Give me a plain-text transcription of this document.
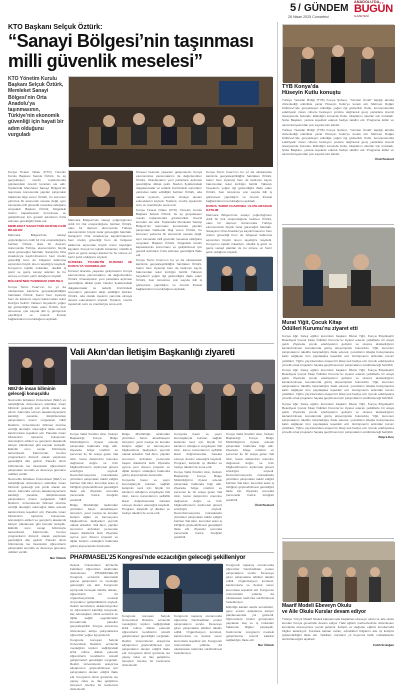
5 / GÜNDEM
26 Nisan 2025 Cumartesi
ANADOLU'DA
BUGÜN
GAZETESİ
KTO Başkanı Selçuk Öztürk:
“Sanayi Bölgesi’nin taşınması
milli güvenlik meselesi”
KTO Yönetim Kurulu Başkanı Selçuk Öztürk, Memleket Sanayi Bölgesi’nin Orta Anadolu’ya taşınmasının, Türkiye’nin ekonomik güvenliği için hayati bir adım olduğunu vurguladı

Konya Ticaret Odası (KTO) Yönetim Kurulu Başkanı Selçuk Öztürk, bu ay gerçekleşen meclis toplantısında gündemdeki önemli konuları ele aldı. Toplantıda Memleket Sanayi Bölgesi’nin taşınması konusunda yapılan çalışmalar hakkında bilgi veren Öztürk, bu konunun yalnızca bir ekonomik mesele değil, aynı zamanda milli güvenlik meselesi olduğunu vurguladı. Başkan Öztürk, bölgedeki üretim kapasitesinin korunması ve geliştirilmesi için gerekli adımların hızla atılması gerektiğini ifade etti.

MEMLEKET SANAYİ BÖLGESİ’NE DAİR BİLGİLER

Marmara Bölgesi’nde sanayi yoğunluğunun ciddi bir risk oluşturduğunu belirten Öztürk, olası bir deprem durumunda Türkiye ekonomisinin büyük zarar göreceğini hatırlattı. Sanayinin Orta Anadolu’ya kaydırılmasının hem üretim güvenliği hem de bölgesel kalkınma açısından büyük önem taşıdığını kaydetti. Konya’nın lojistik imkanları, nitelikli iş gücü ve geniş sanayi alanları ile bu sürece en hazır şehir olduğunu söyledi.

BÖLGESİ’NEN TAŞINMASI ZORUNLU

Konya Tarım Fuarı’nın bu yıl da uluslararası katılımla gerçekleştirildiğini hatırlatan Öztürk, fuarın hem ziyaretçi hem de katılımcı sayısı bakımından rekor kırdığını belirtti. Yabancı heyetlerin yoğun ilgi gösterdiğini ifade eden Öztürk, fuar süresince çok sayıda ikili iş görüşmesi yapıldığını ve önemli ihracat bağlantılarının kurulduğunu açıkladı.

Marmara Bölgesi’nde sanayi yoğunluğunun ciddi bir risk oluşturduğunu belirten Öztürk, olası bir deprem durumunda Türkiye ekonomisinin büyük zarar göreceğini hatırlattı. Sanayinin Orta Anadolu’ya kaydırılmasının hem üretim güvenliği hem de bölgesel kalkınma açısından büyük önem taşıdığını kaydetti. Konya’nın lojistik imkanları, nitelikli iş gücü ve geniş sanayi alanları ile bu sürece en hazır şehir olduğunu söyledi.

KÜRESEL TİCARETİN DURUMU VE KONYA’YA YANSIMALARI

Küresel ticarette yaşanan gelişmelerin Konya ekonomisine yansımalarını da değerlendiren Öztürk, ihracatçıların yeni pazarlara açılması gerektiğine dikkat çekti. Navlun fiyatlarındaki dalgalanmalar ve tedarik zincirindeki sorunların yakından takip edildiğini belirten Öztürk, oda olarak üyelerin yanında olmaya devam edeceklerini söyledi. Toplantı, meclis üyelerinin soru ve önerileriyle sona erdi.

Küresel ticarette yaşanan gelişmelerin Konya ekonomisine yansımalarını da değerlendiren Öztürk, ihracatçıların yeni pazarlara açılması gerektiğine dikkat çekti. Navlun fiyatlarındaki dalgalanmalar ve tedarik zincirindeki sorunların yakından takip edildiğini belirten Öztürk, oda olarak üyelerin yanında olmaya devam edeceklerini söyledi. Toplantı, meclis üyelerinin soru ve önerileriyle sona erdi.

Konya Ticaret Odası (KTO) Yönetim Kurulu Başkanı Selçuk Öztürk, bu ay gerçekleşen meclis toplantısında gündemdeki önemli konuları ele aldı. Toplantıda Memleket Sanayi Bölgesi’nin taşınması konusunda yapılan çalışmalar hakkında bilgi veren Öztürk, bu konunun yalnızca bir ekonomik mesele değil, aynı zamanda milli güvenlik meselesi olduğunu vurguladı. Başkan Öztürk, bölgedeki üretim kapasitesinin korunması ve geliştirilmesi için gerekli adımların hızla atılması gerektiğini ifade etti.

Konya Tarım Fuarı’nın bu yıl da uluslararası katılımla gerçekleştirildiğini hatırlatan Öztürk, fuarın hem ziyaretçi hem de katılımcı sayısı bakımından rekor kırdığını belirtti. Yabancı heyetlerin yoğun ilgi gösterdiğini ifade eden Öztürk, fuar süresince çok sayıda ikili iş görüşmesi yapıldığını ve önemli ihracat bağlantılarının kurulduğunu açıkladı.

Konya Tarım Fuarı’nın bu yıl da uluslararası katılımla gerçekleştirildiğini hatırlatan Öztürk, fuarın hem ziyaretçi hem de katılımcı sayısı bakımından rekor kırdığını belirtti. Yabancı heyetlerin yoğun ilgi gösterdiğini ifade eden Öztürk, fuar süresince çok sayıda ikili iş görüşmesi yapıldığını ve önemli ihracat bağlantılarının kurulduğunu açıkladı.

KONYA TARIM FUARI’NDA ULUSLARARASI KATILIM

Marmara Bölgesi’nde sanayi yoğunluğunun ciddi bir risk oluşturduğunu belirten Öztürk, olası bir deprem durumunda Türkiye ekonomisinin büyük zarar göreceğini hatırlattı. Sanayinin Orta Anadolu’ya kaydırılmasının hem üretim güvenliği hem de bölgesel kalkınma açısından büyük önem taşıdığını kaydetti. Konya’nın lojistik imkanları, nitelikli iş gücü ve geniş sanayi alanları ile bu sürece en hazır şehir olduğunu söyledi.

TYB Konya’da
Hüseyin Kutlu konuştu

Türkiye Yazarlar Birliği (TYB) Konya Şubesi, “Yarınlar Ümidi” başlığı altında düzenlediği etkinlikte yazar Hüseyin Kutlu’yu konuk etti. Mehmet Doğan Kültürevi’nde gerçekleşen etkinliğe yoğun ilgi gösterildi. Kutlu, konuşmasında edebiyatın insan ruhunu besleyen yönüne değinerek genç yazarlara önemli tavsiyelerde bulundu. Etkinliğin sonunda Kutlu, kitaplarını okurları için imzaladı. Şube Başkanı, yazara teşekkür ederek hediye takdim etti. Programa kültür ve sanat dünyasından çok sayıda isim katıldı.

Türkiye Yazarlar Birliği (TYB) Konya Şubesi, “Yarınlar Ümidi” başlığı altında düzenlediği etkinlikte yazar Hüseyin Kutlu’yu konuk etti. Mehmet Doğan Kültürevi’nde gerçekleşen etkinliğe yoğun ilgi gösterildi. Kutlu, konuşmasında edebiyatın insan ruhunu besleyen yönüne değinerek genç yazarlara önemli tavsiyelerde bulundu. Etkinliğin sonunda Kutlu, kitaplarını okurları için imzaladı. Şube Başkanı, yazara teşekkür ederek hediye takdim etti. Programa kültür ve sanat dünyasından çok sayıda isim katıldı.

Ümit Bozkurt

Murat Yiğit, Çocuk Kitap
Ödülleri Kurumu’nu ziyaret etti

Konya Ağrı Keleş eğitim kurumları başkanı Murat Yiğit, Konya Büyükşehir Belediyesi Çocuk Kitap Ödülleri Kurumu’nu ziyaret ederek yetkililerle bir araya geldi. Ziyarette çocuk edebiyatının gelişimi ve okuma alışkanlığının kazandırılması konularında görüş alışverişinde bulunuldu. Yiğit, kurumun çalışmalarını takdirle karşıladığını ifade ederek, çocukların kitapla buluşmasına katkı sağlayan tüm paydaşlara teşekkür etti. Görüşmenin ardından kurum yetkilileri, Yiğit’e yayınlarından oluşan bir kitap seti hediye etti. Çocuk edebiyatına yönelik ortak projelerin hayata geçirilmesi için çalışmaların sürdürüleceği belirtildi.

Konya Ağrı Keleş eğitim kurumları başkanı Murat Yiğit, Konya Büyükşehir Belediyesi Çocuk Kitap Ödülleri Kurumu’nu ziyaret ederek yetkililerle bir araya geldi. Ziyarette çocuk edebiyatının gelişimi ve okuma alışkanlığının kazandırılması konularında görüş alışverişinde bulunuldu. Yiğit, kurumun çalışmalarını takdirle karşıladığını ifade ederek, çocukların kitapla buluşmasına katkı sağlayan tüm paydaşlara teşekkür etti. Görüşmenin ardından kurum yetkilileri, Yiğit’e yayınlarından oluşan bir kitap seti hediye etti. Çocuk edebiyatına yönelik ortak projelerin hayata geçirilmesi için çalışmaların sürdürüleceği belirtildi.

Konya Ağrı Keleş eğitim kurumları başkanı Murat Yiğit, Konya Büyükşehir Belediyesi Çocuk Kitap Ödülleri Kurumu’nu ziyaret ederek yetkililerle bir araya geldi. Ziyarette çocuk edebiyatının gelişimi ve okuma alışkanlığının kazandırılması konularında görüş alışverişinde bulunuldu. Yiğit, kurumun çalışmalarını takdirle karşıladığını ifade ederek, çocukların kitapla buluşmasına katkı sağlayan tüm paydaşlara teşekkür etti. Görüşmenin ardından kurum yetkilileri, Yiğit’e yayınlarından oluşan bir kitap seti hediye etti. Çocuk edebiyatına yönelik ortak projelerin hayata geçirilmesi için çalışmaların sürdürüleceği belirtildi.

Büşra Koç

Maarif Modeli Ebeveyn Okulu
ve Aile Okulu Kurslar devam ediyor

Türkiye Yüzyılı Maarif Modeli kapsamında başlatılan ebeveyn okulu ve aile okulu kursları Konya genelinde devam ediyor. Halk eğitimi merkezlerinde düzenlenen kurslarda ebeveynlere çocuk gelişimi, iletişim ve değerler eğitimi konularında bilgiler aktarılıyor. Kurslara katılan veliler, edindikleri bilgilerin aile içi iletişimi güçlendirdiğini ifade etti. Yetkililer, kursların yıl boyunca farklı mahallelerde sürdürüleceğini açıkladı.

Fatih Erdoğan

Vali Akın’dan İletişim Başkanlığı ziyareti
NEÜ’de insan biliminin geleceği konuşuldu

Necmettin Erbakan Üniversitesi (NEÜ) ev sahipliğinde düzenlenen etkinlikte insan biliminin geleceği çok yönlü olarak ele alındı. Alanında uzman akademisyenlerin katıldığı panelde, disiplinlerarası çalışmaların önemi vurgulandı. NEÜ Rektörü, üniversitenin bilimsel üretime verdiği desteğin süreceğini ifade ederek katılımcılara teşekkür etti. Panelde insan bilimlerinin toplumla buluşması, teknolojinin etkileri ve gençlerin akademik kariyer planlaması gibi konular tartışıldı. Etkinlik soru cevap bölümüyle tamamlandı. Katılımcılar, benzer programların düzenli olarak yapılması gerektiğini dile getirdi. Panelin ikinci bölümünde ise lisansüstü öğrencilerin çalışmaları sunuldu ve dereceye girenlere ödülleri verildi.

Necmettin Erbakan Üniversitesi (NEÜ) ev sahipliğinde düzenlenen etkinlikte insan biliminin geleceği çok yönlü olarak ele alındı. Alanında uzman akademisyenlerin katıldığı panelde, disiplinlerarası çalışmaların önemi vurgulandı. NEÜ Rektörü, üniversitenin bilimsel üretime verdiği desteğin süreceğini ifade ederek katılımcılara teşekkür etti. Panelde insan bilimlerinin toplumla buluşması, teknolojinin etkileri ve gençlerin akademik kariyer planlaması gibi konular tartışıldı. Etkinlik soru cevap bölümüyle tamamlandı. Katılımcılar, benzer programların düzenli olarak yapılması gerektiğini dile getirdi. Panelin ikinci bölümünde ise lisansüstü öğrencilerin çalışmaları sunuldu ve dereceye girenlere ödülleri verildi.

Nur Öztürk

Konya Valisi İbrahim Akın, İletişim Başkanlığı Konya Bölge Müdürlüğü’nü ziyaret ederek çalışmalar hakkında bilgi aldı. Ziyarette bölge müdürü ve personel ile bir araya gelen Vali Akın, kamu iletişiminin önemine değinerek doğru ve hızlı bilgilendirmenin toplumsal güveni artırdığını söyledi. Dezenformasyonla mücadelede yürütülen çalışmaları takdir ettiğini belirten Vali Akın, kurumlar arası iş birliğinin güçlendirilmesi gerektiğini ifade etti. Ziyaretin sonunda personelle hatıra fotoğrafı çektirildi.

Bölge Müdürlüğü tarafından yürütülen basın akreditasyon süreçleri, yerel medya ile kurulan iletişim ağları ve kamuoyunu bilgilendirme faaliyetleri ayrıntılı olarak anlatıldı. Vali Akın, yapılan sunumun ardından personele başarı dileklerini iletti. Ziyarette ayrıca yeni dönem projeleri ve dijital iletişim stratejileri hakkında görüş alışverişinde bulunuldu.

Bölge Müdürlüğü tarafından yürütülen basın akreditasyon süreçleri, yerel medya ile kurulan iletişim ağları ve kamuoyunu bilgilendirme faaliyetleri ayrıntılı olarak anlatıldı. Vali Akın, yapılan sunumun ardından personele başarı dileklerini iletti. Ziyarette ayrıca yeni dönem projeleri ve dijital iletişim stratejileri hakkında görüş alışverişinde bulunuldu.

Konya’da basın ve yayın kuruluşlarıyla kurulan sağlıklı iletişimin kent için büyük bir kazanım olduğunu vurgulayan Vali Akın, kamu kurumlarının şeffaflık ilkesi doğrultusunda hareket etmeye devam edeceğini kaydetti. Program, karşılıklı iyi dilekler ve hediye takdimi ile sona erdi.

Konya’da basın ve yayın kuruluşlarıyla kurulan sağlıklı iletişimin kent için büyük bir kazanım olduğunu vurgulayan Vali Akın, kamu kurumlarının şeffaflık ilkesi doğrultusunda hareket etmeye devam edeceğini kaydetti. Program, karşılıklı iyi dilekler ve hediye takdimi ile sona erdi.

Konya Valisi İbrahim Akın, İletişim Başkanlığı Konya Bölge Müdürlüğü’nü ziyaret ederek çalışmalar hakkında bilgi aldı. Ziyarette bölge müdürü ve personel ile bir araya gelen Vali Akın, kamu iletişiminin önemine değinerek doğru ve hızlı bilgilendirmenin toplumsal güveni artırdığını söyledi. Dezenformasyonla mücadelede yürütülen çalışmaları takdir ettiğini belirten Vali Akın, kurumlar arası iş birliğinin güçlendirilmesi gerektiğini ifade etti. Ziyaretin sonunda personelle hatıra fotoğrafı çektirildi.

Konya Valisi İbrahim Akın, İletişim Başkanlığı Konya Bölge Müdürlüğü’nü ziyaret ederek çalışmalar hakkında bilgi aldı. Ziyarette bölge müdürü ve personel ile bir araya gelen Vali Akın, kamu iletişiminin önemine değinerek doğru ve hızlı bilgilendirmenin toplumsal güveni artırdığını söyledi. Dezenformasyonla mücadelede yürütülen çalışmaları takdir ettiğini belirten Vali Akın, kurumlar arası iş birliğinin güçlendirilmesi gerektiğini ifade etti. Ziyaretin sonunda personelle hatıra fotoğrafı çektirildi.

Ümit Bozkurt

PHARMASEL’25 Kongresi’nde eczacılığın geleceği şekilleniyor

Selçuk Üniversitesi Eczacılık Fakültesi öğrencileri tarafından düzenlenen PHARMASEL’25 Kongresi, eczacılık alanındaki güncel gelişmeleri ve mesleğin geleceğini ele aldı. Kongrenin açılışında konuşan fakülte dekanı, öğrencilerin bu tür organizasyonlarla mesleki vizyonlarını geliştirdiklerini söyledi. Sektör temsilcileri, akademisyenler ve öğrencilerin katıldığı kongrede, ilaç teknolojileri, klinik eczacılık ve dijital sağlık uygulamaları konularında paneller gerçekleştirildi. Kongre süresince düzenlenen atölye çalışmalarına öğrenciler yoğun ilgi gösterdi.

Kongrede konuşan Selçuk Üniversitesi Rektörü, eczacılık mesleğinin toplum sağlığındaki kritik rolüne dikkat çekerek öğrencilerin kendilerini sürekli geliştirmeleri gerektiğini vurguladı. Rektör, üniversitenin araştırma altyapısının güçlendirilmesi için çalışmaların devam ettiğini ifade etti. Kongrenin ikinci gününde ise yapay zeka ve ilaç geliştirme süreçleri üzerine bir konferans düzenlendi.

Kongrede konuşan Selçuk Üniversitesi Rektörü, eczacılık mesleğinin toplum sağlığındaki kritik rolüne dikkat çekerek öğrencilerin kendilerini sürekli geliştirmeleri gerektiğini vurguladı. Rektör, üniversitenin araştırma altyapısının güçlendirilmesi için çalışmaların devam ettiğini ifade etti. Kongrenin ikinci gününde ise yapay zeka ve ilaç geliştirme süreçleri üzerine bir konferans düzenlendi.

Kongrenin kapanış oturumunda öğrenciler hazırladıkları poster çalışmalarını sundu. Dereceye giren çalışmalara ödülleri takdim edildi. Organizasyon komitesi, katılımcılara ve destek veren kurumlara teşekkür etti. Kongrenin önümüzdeki yıllarda da uluslararası katılımla sürdürülmesi hedefleniyor.

Kongrenin kapanış oturumunda öğrenciler hazırladıkları poster çalışmalarını sundu. Dereceye giren çalışmalara ödülleri takdim edildi. Organizasyon komitesi, katılımcılara ve destek veren kurumlara teşekkür etti. Kongrenin önümüzdeki yıllarda da uluslararası katılımla sürdürülmesi hedefleniyor.

Etkinliğe katılan sektör temsilcileri, genç eczacı adaylarına kariyer planlamasında yol gösterdi. Öğrencilerle birebir görüşmeler yapılarak staj ve iş imkanları hakkında bilgiler paylaşıldı. Katılımcılar, kongrenin mesleki gelişimlerine önemli katkılar sağladığını ifade etti.

Nur Öztürk
